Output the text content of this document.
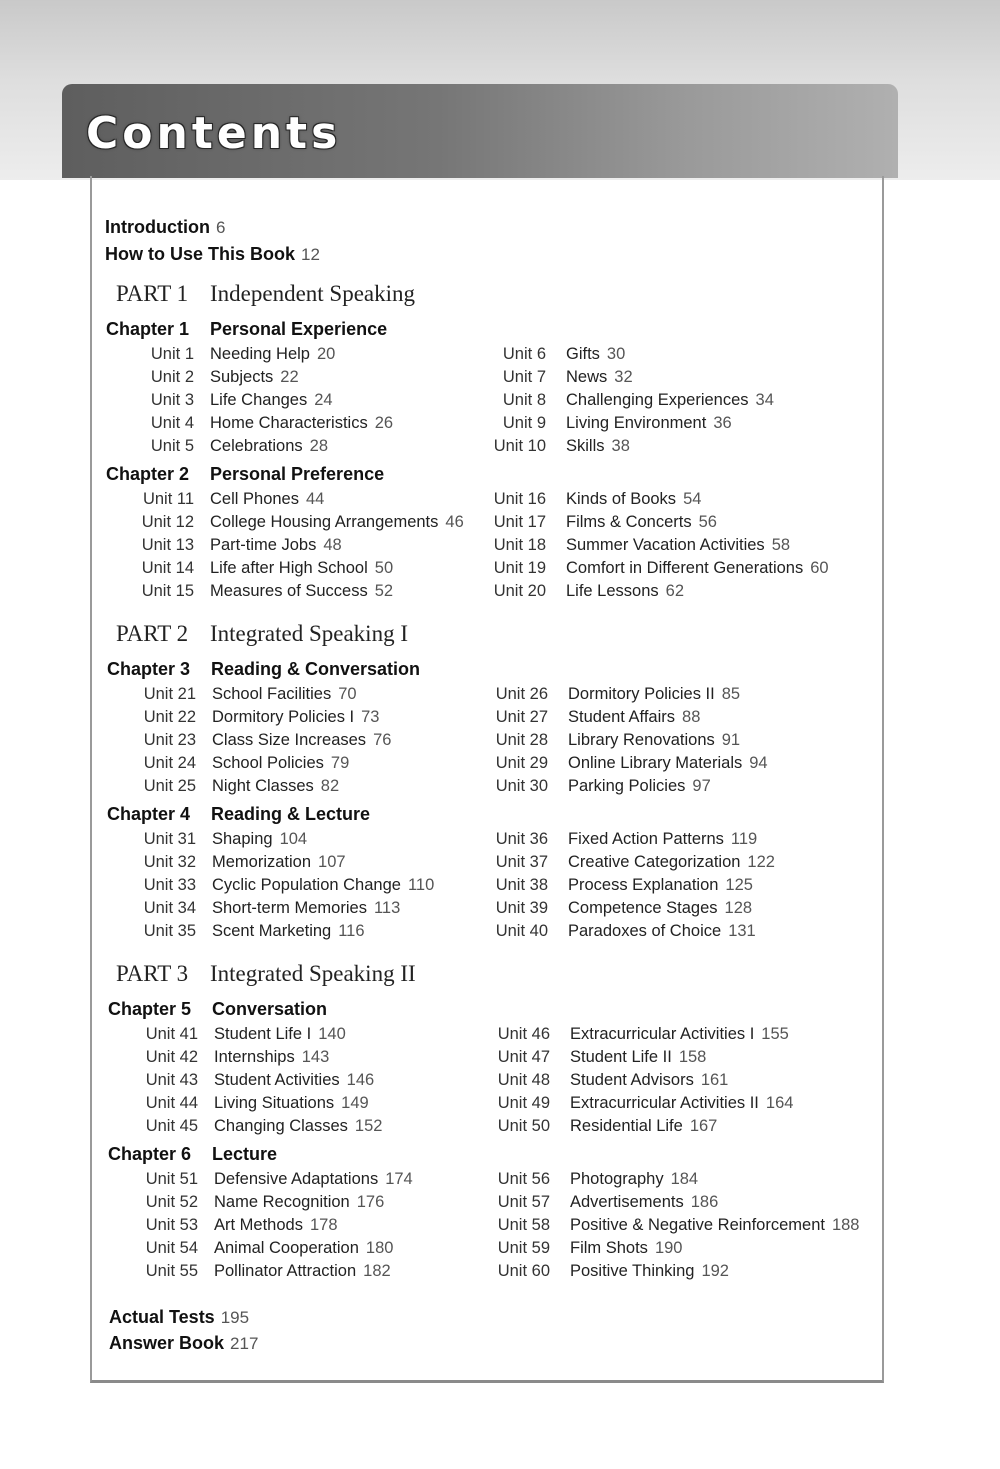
Contents
Introduction 6
How to Use This Book 12
PART 1 Independent Speaking
Chapter 1 Personal Experience
Unit 1 Needing Help 20
Unit 2 Subjects 22
Unit 3 Life Changes 24
Unit 4 Home Characteristics 26
Unit 5 Celebrations 28
Unit 6 Gifts 30
Unit 7 News 32
Unit 8 Challenging Experiences 34
Unit 9 Living Environment 36
Unit 10 Skills 38
Chapter 2 Personal Preference
Unit 11 Cell Phones 44
Unit 12 College Housing Arrangements 46
Unit 13 Part-time Jobs 48
Unit 14 Life after High School 50
Unit 15 Measures of Success 52
Unit 16 Kinds of Books 54
Unit 17 Films & Concerts 56
Unit 18 Summer Vacation Activities 58
Unit 19 Comfort in Different Generations 60
Unit 20 Life Lessons 62
PART 2 Integrated Speaking I
Chapter 3 Reading & Conversation
Unit 21 School Facilities 70
Unit 22 Dormitory Policies I 73
Unit 23 Class Size Increases 76
Unit 24 School Policies 79
Unit 25 Night Classes 82
Unit 26 Dormitory Policies II 85
Unit 27 Student Affairs 88
Unit 28 Library Renovations 91
Unit 29 Online Library Materials 94
Unit 30 Parking Policies 97
Chapter 4 Reading & Lecture
Unit 31 Shaping 104
Unit 32 Memorization 107
Unit 33 Cyclic Population Change 110
Unit 34 Short-term Memories 113
Unit 35 Scent Marketing 116
Unit 36 Fixed Action Patterns 119
Unit 37 Creative Categorization 122
Unit 38 Process Explanation 125
Unit 39 Competence Stages 128
Unit 40 Paradoxes of Choice 131
PART 3 Integrated Speaking II
Chapter 5 Conversation
Unit 41 Student Life I 140
Unit 42 Internships 143
Unit 43 Student Activities 146
Unit 44 Living Situations 149
Unit 45 Changing Classes 152
Unit 46 Extracurricular Activities I 155
Unit 47 Student Life II 158
Unit 48 Student Advisors 161
Unit 49 Extracurricular Activities II 164
Unit 50 Residential Life 167
Chapter 6 Lecture
Unit 51 Defensive Adaptations 174
Unit 52 Name Recognition 176
Unit 53 Art Methods 178
Unit 54 Animal Cooperation 180
Unit 55 Pollinator Attraction 182
Unit 56 Photography 184
Unit 57 Advertisements 186
Unit 58 Positive & Negative Reinforcement 188
Unit 59 Film Shots 190
Unit 60 Positive Thinking 192
Actual Tests 195
Answer Book 217
